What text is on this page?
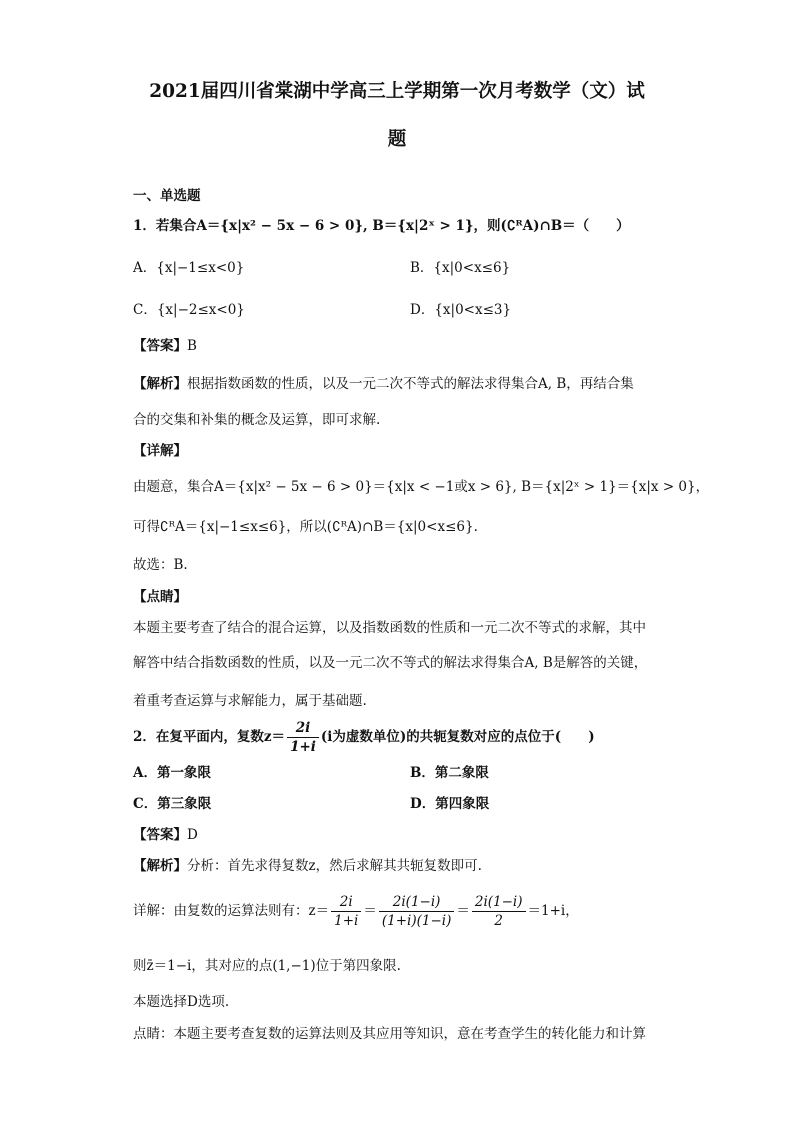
2021届四川省棠湖中学高三上学期第一次月考数学（文）试
题
一、单选题
1．若集合A＝{x|x² − 5x − 6 > 0}, B＝{x|2ˣ > 1}，则(∁ᴿA)∩B＝（　　）
A．{x|−1≤x<0}	B．{x|0<x≤6}
C．{x|−2≤x<0}	D．{x|0<x≤3}
【答案】B
【解析】根据指数函数的性质，以及一元二次不等式的解法求得集合A, B，再结合集
合的交集和补集的概念及运算，即可求解.
【详解】
由题意，集合A＝{x|x² − 5x − 6 > 0}＝{x|x < −1或x > 6}, B＝{x|2ˣ > 1}＝{x|x > 0}，
可得∁ᴿA＝{x|−1≤x≤6}，所以(∁ᴿA)∩B＝{x|0<x≤6}.
故选：B.
【点睛】
本题主要考查了结合的混合运算，以及指数函数的性质和一元二次不等式的求解，其中
解答中结合指数函数的性质，以及一元二次不等式的解法求得集合A, B是解答的关键，
着重考查运算与求解能力，属于基础题.
2．在复平面内，复数$z= \frac{2i}{1+i} (i$为虚数单位)的共轭复数对应的点位于(　　)
A．第一象限	B．第二象限
C．第三象限	D．第四象限
【答案】D
【解析】分析：首先求得复数z，然后求解其共轭复数即可.
详解：由复数的运算法则有：$z= \frac{2i}{1+i} = \frac{2i(1-i)}{(1+i)(1-i)} = \frac{2i(1-i)}{2} =1+i$，
则z̄＝1−i，其对应的点(1,−1)位于第四象限.
本题选择D选项.
点睛：本题主要考查复数的运算法则及其应用等知识，意在考查学生的转化能力和计算
